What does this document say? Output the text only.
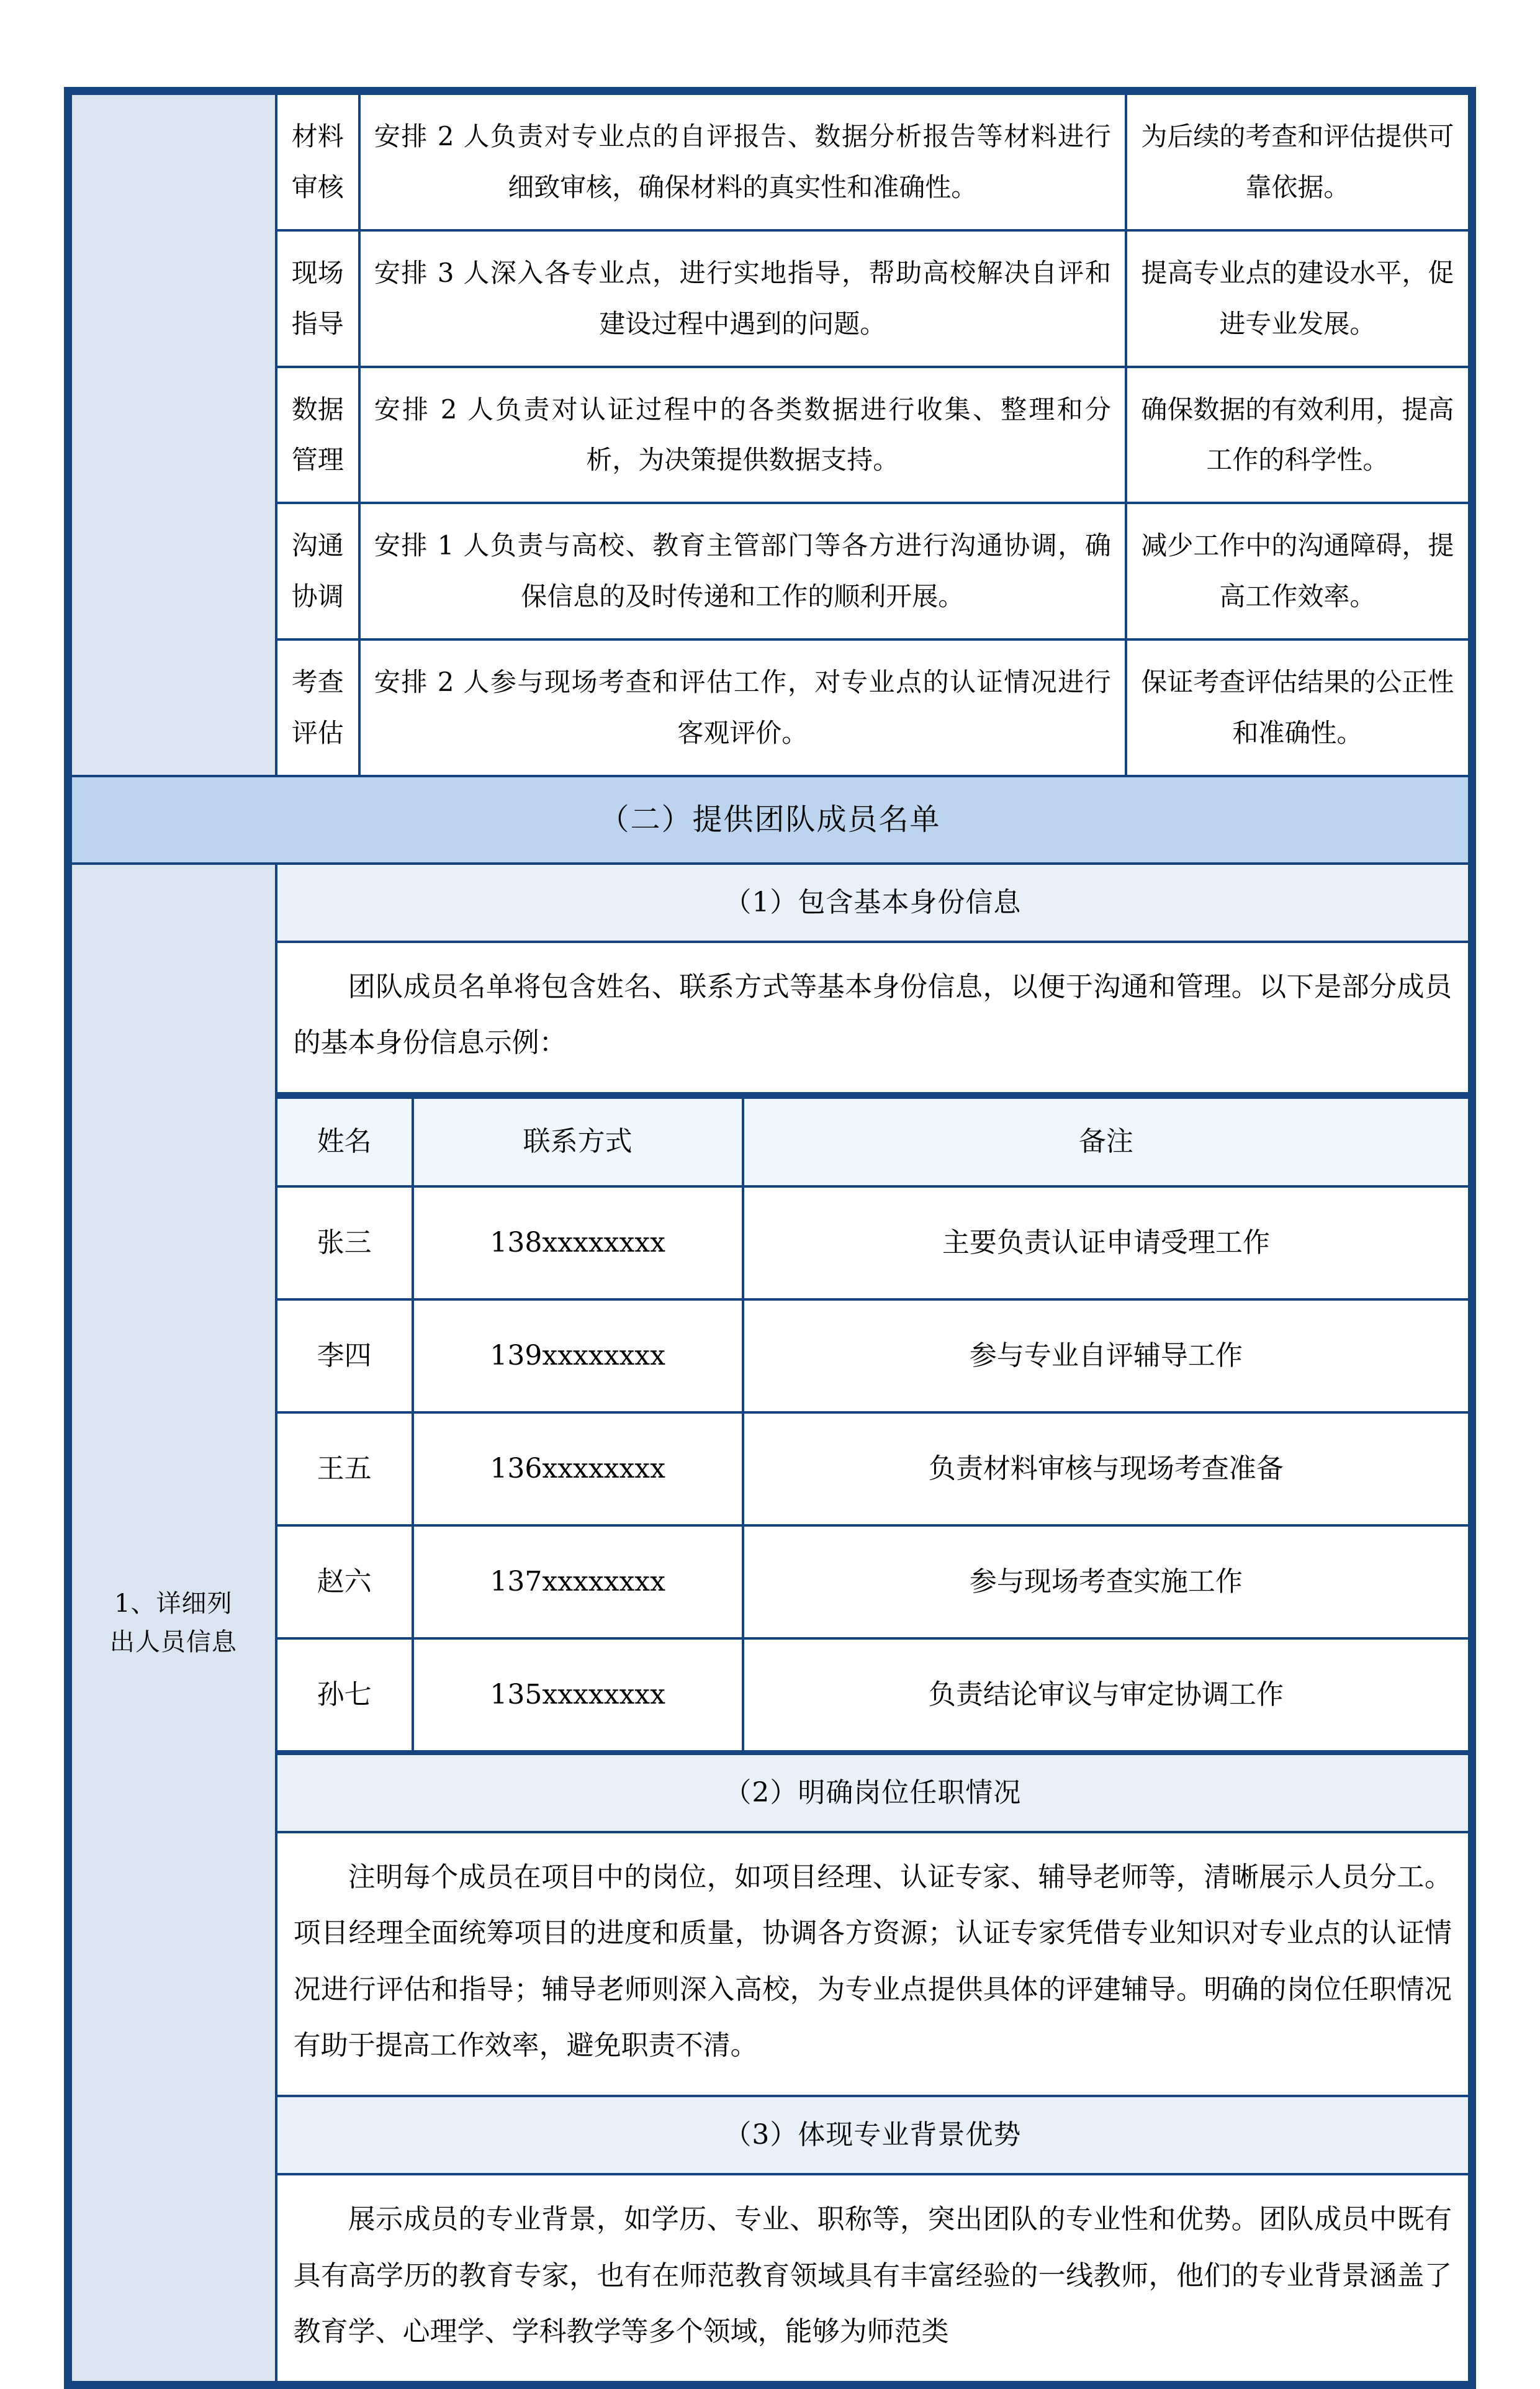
材料
审核
	安排 2 人负责对专业点的自评报告、数据分析报告等材料进行细致审核，确保材料的真实性和准确性。	为后续的考查和评估提供可靠依据。

现场
指导
	安排 3 人深入各专业点，进行实地指导，帮助高校解决自评和建设过程中遇到的问题。	提高专业点的建设水平，促进专业发展。

数据
管理
	安排 2 人负责对认证过程中的各类数据进行收集、整理和分析，为决策提供数据支持。	确保数据的有效利用，提高工作的科学性。

沟通
协调
	安排 1 人负责与高校、教育主管部门等各方进行沟通协调，确保信息的及时传递和工作的顺利开展。	减少工作中的沟通障碍，提高工作效率。

考查
评估
	安排 2 人参与现场考查和评估工作，对专业点的认证情况进行客观评价。	保证考查评估结果的公正性和准确性。
（二）提供团队成员名单

1、详细列
出人员信息
	（1）包含基本身份信息

团队成员名单将包含姓名、联系方式等基本身份信息，以便于沟通和管理。以下是部分成员的基本身份信息示例：

姓名	联系方式	备注
张三	138xxxxxxxx	主要负责认证申请受理工作
李四	139xxxxxxxx	参与专业自评辅导工作
王五	136xxxxxxxx	负责材料审核与现场考查准备
赵六	137xxxxxxxx	参与现场考查实施工作
孙七	135xxxxxxxx	负责结论审议与审定协调工作

（2）明确岗位任职情况

注明每个成员在项目中的岗位，如项目经理、认证专家、辅导老师等，清晰展示人员分工。项目经理全面统筹项目的进度和质量，协调各方资源；认证专家凭借专业知识对专业点的认证情况进行评估和指导；辅导老师则深入高校，为专业点提供具体的评建辅导。明确的岗位任职情况有助于提高工作效率，避免职责不清。

（3）体现专业背景优势

展示成员的专业背景，如学历、专业、职称等，突出团队的专业性和优势。团队成员中既有具有高学历的教育专家，也有在师范教育领域具有丰富经验的一线教师，他们的专业背景涵盖了教育学、心理学、学科教学等多个领域，能够为师范类
